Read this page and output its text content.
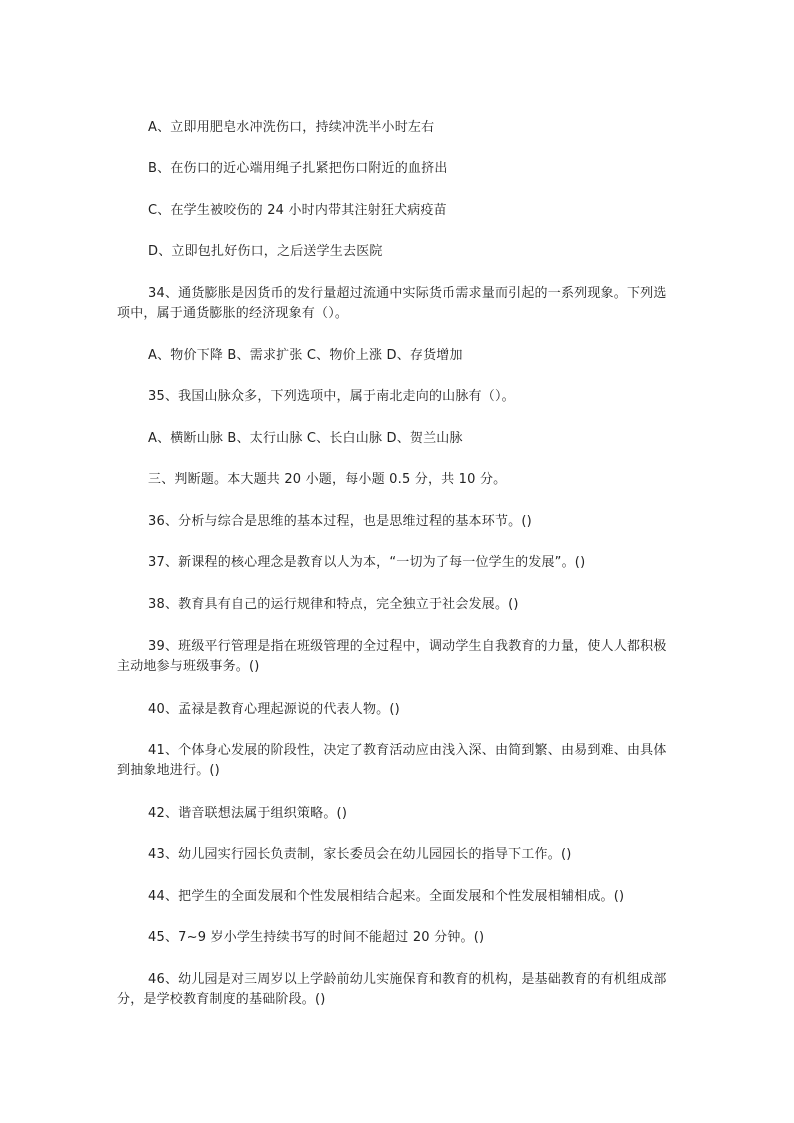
A、立即用肥皂水冲洗伤口，持续冲洗半小时左右
B、在伤口的近心端用绳子扎紧把伤口附近的血挤出
C、在学生被咬伤的 24 小时内带其注射狂犬病疫苗
D、立即包扎好伤口，之后送学生去医院
34、通货膨胀是因货币的发行量超过流通中实际货币需求量而引起的一系列现象。下列选项中，属于通货膨胀的经济现象有（）。
A、物价下降 B、需求扩张 C、物价上涨 D、存货增加
35、我国山脉众多，下列选项中，属于南北走向的山脉有（）。
A、横断山脉 B、太行山脉 C、长白山脉 D、贺兰山脉
三、判断题。本大题共 20 小题，每小题 0.5 分，共 10 分。
36、分析与综合是思维的基本过程，也是思维过程的基本环节。()
37、新课程的核心理念是教育以人为本，“一切为了每一位学生的发展”。()
38、教育具有自己的运行规律和特点，完全独立于社会发展。()
39、班级平行管理是指在班级管理的全过程中，调动学生自我教育的力量，使人人都积极主动地参与班级事务。()
40、孟禄是教育心理起源说的代表人物。()
41、个体身心发展的阶段性，决定了教育活动应由浅入深、由简到繁、由易到难、由具体到抽象地进行。()
42、谐音联想法属于组织策略。()
43、幼儿园实行园长负责制，家长委员会在幼儿园园长的指导下工作。()
44、把学生的全面发展和个性发展相结合起来。全面发展和个性发展相辅相成。()
45、7~9 岁小学生持续书写的时间不能超过 20 分钟。()
46、幼儿园是对三周岁以上学龄前幼儿实施保育和教育的机构，是基础教育的有机组成部分，是学校教育制度的基础阶段。()
